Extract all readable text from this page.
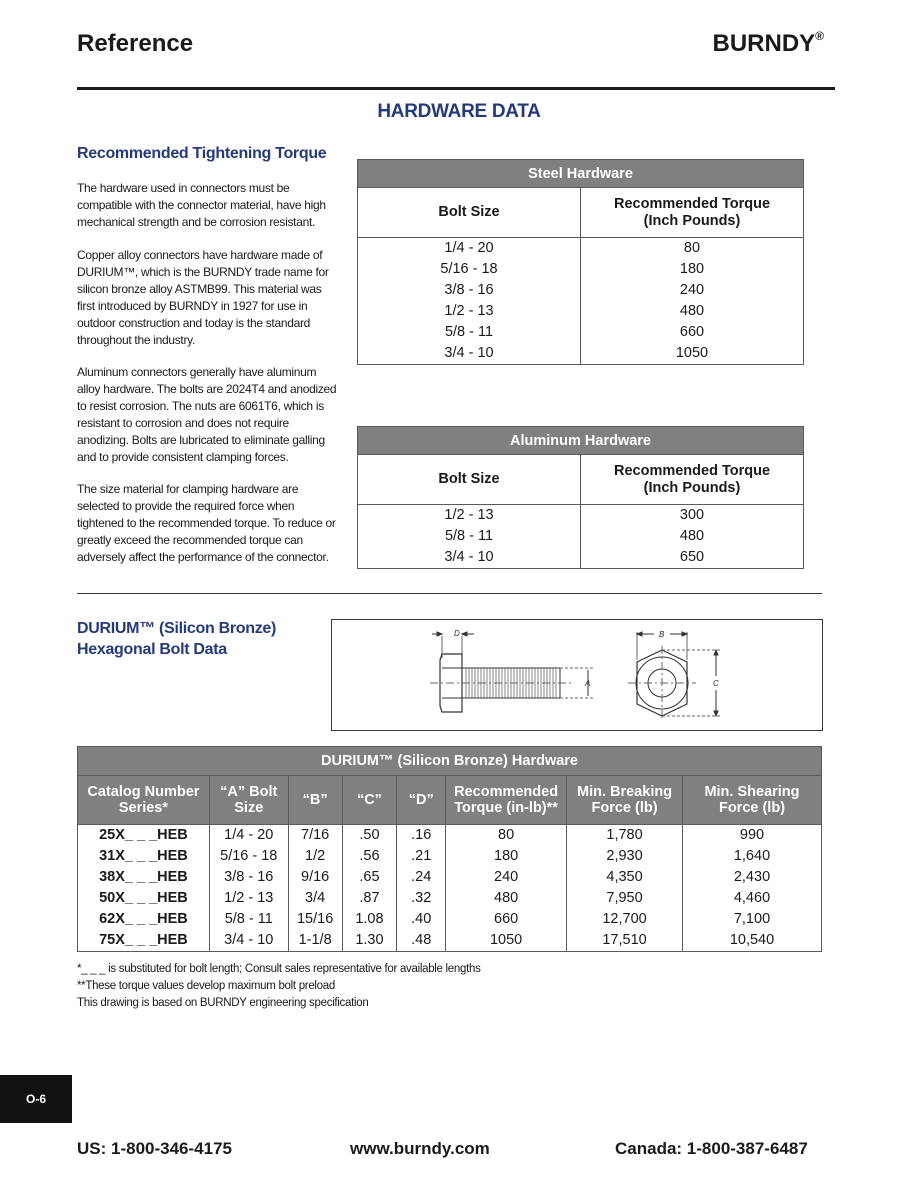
Reference	BURNDY®
HARDWARE DATA
Recommended Tightening Torque
The hardware used in connectors must be compatible with the connector material, have high mechanical strength and be corrosion resistant.
Copper alloy connectors have hardware made of DURIUM™, which is the BURNDY trade name for silicon bronze alloy ASTMB99. This material was first introduced by BURNDY in 1927 for use in outdoor construction and today is the standard throughout the industry.
Aluminum connectors generally have aluminum alloy hardware. The bolts are 2024T4 and anodized to resist corrosion. The nuts are 6061T6, which is resistant to corrosion and does not require anodizing. Bolts are lubricated to eliminate galling and to provide consistent clamping forces.
The size material for clamping hardware are selected to provide the required force when tightened to the recommended torque. To reduce or greatly exceed the recommended torque can adversely affect the performance of the connector.
Steel Hardware	
Bolt Size	Recommended Torque (Inch Pounds)

1/4 - 20	80
5/16 - 18	180
3/8 - 16	240
1/2 - 13	480
5/8 - 11	660
3/4 - 10	1050
Aluminum Hardware	
Bolt Size	Recommended Torque (Inch Pounds)

1/2 - 13	300
5/8 - 11	480
3/4 - 10	650
DURIUM™ (Silicon Bronze)
Hexagonal Bolt Data
D	B
A	C
DURIUM™ (Silicon Bronze) Hardware							

Catalog Number Series*	“A” Bolt Size	“B”	“C”	“D”	Recommended Torque (in-lb)**	Min. Breaking Force (lb)	Min. Shearing Force (lb)

25X_ _ _HEB	1/4 - 20	7/16	.50	.16	80	1,780	990
31X_ _ _HEB	5/16 - 18	1/2	.56	.21	180	2,930	1,640
38X_ _ _HEB	3/8 - 16	9/16	.65	.24	240	4,350	2,430
50X_ _ _HEB	1/2 - 13	3/4	.87	.32	480	7,950	4,460
62X_ _ _HEB	5/8 - 11	15/16	1.08	.40	660	12,700	7,100
75X_ _ _HEB	3/4 - 10	1-1/8	1.30	.48	1050	17,510	10,540
*_ _ _ is substituted for bolt length; Consult sales representative for available lengths
**These torque values develop maximum bolt preload
This drawing is based on BURNDY engineering specification
O-6
US: 1-800-346-4175	www.burndy.com	Canada: 1-800-387-6487
